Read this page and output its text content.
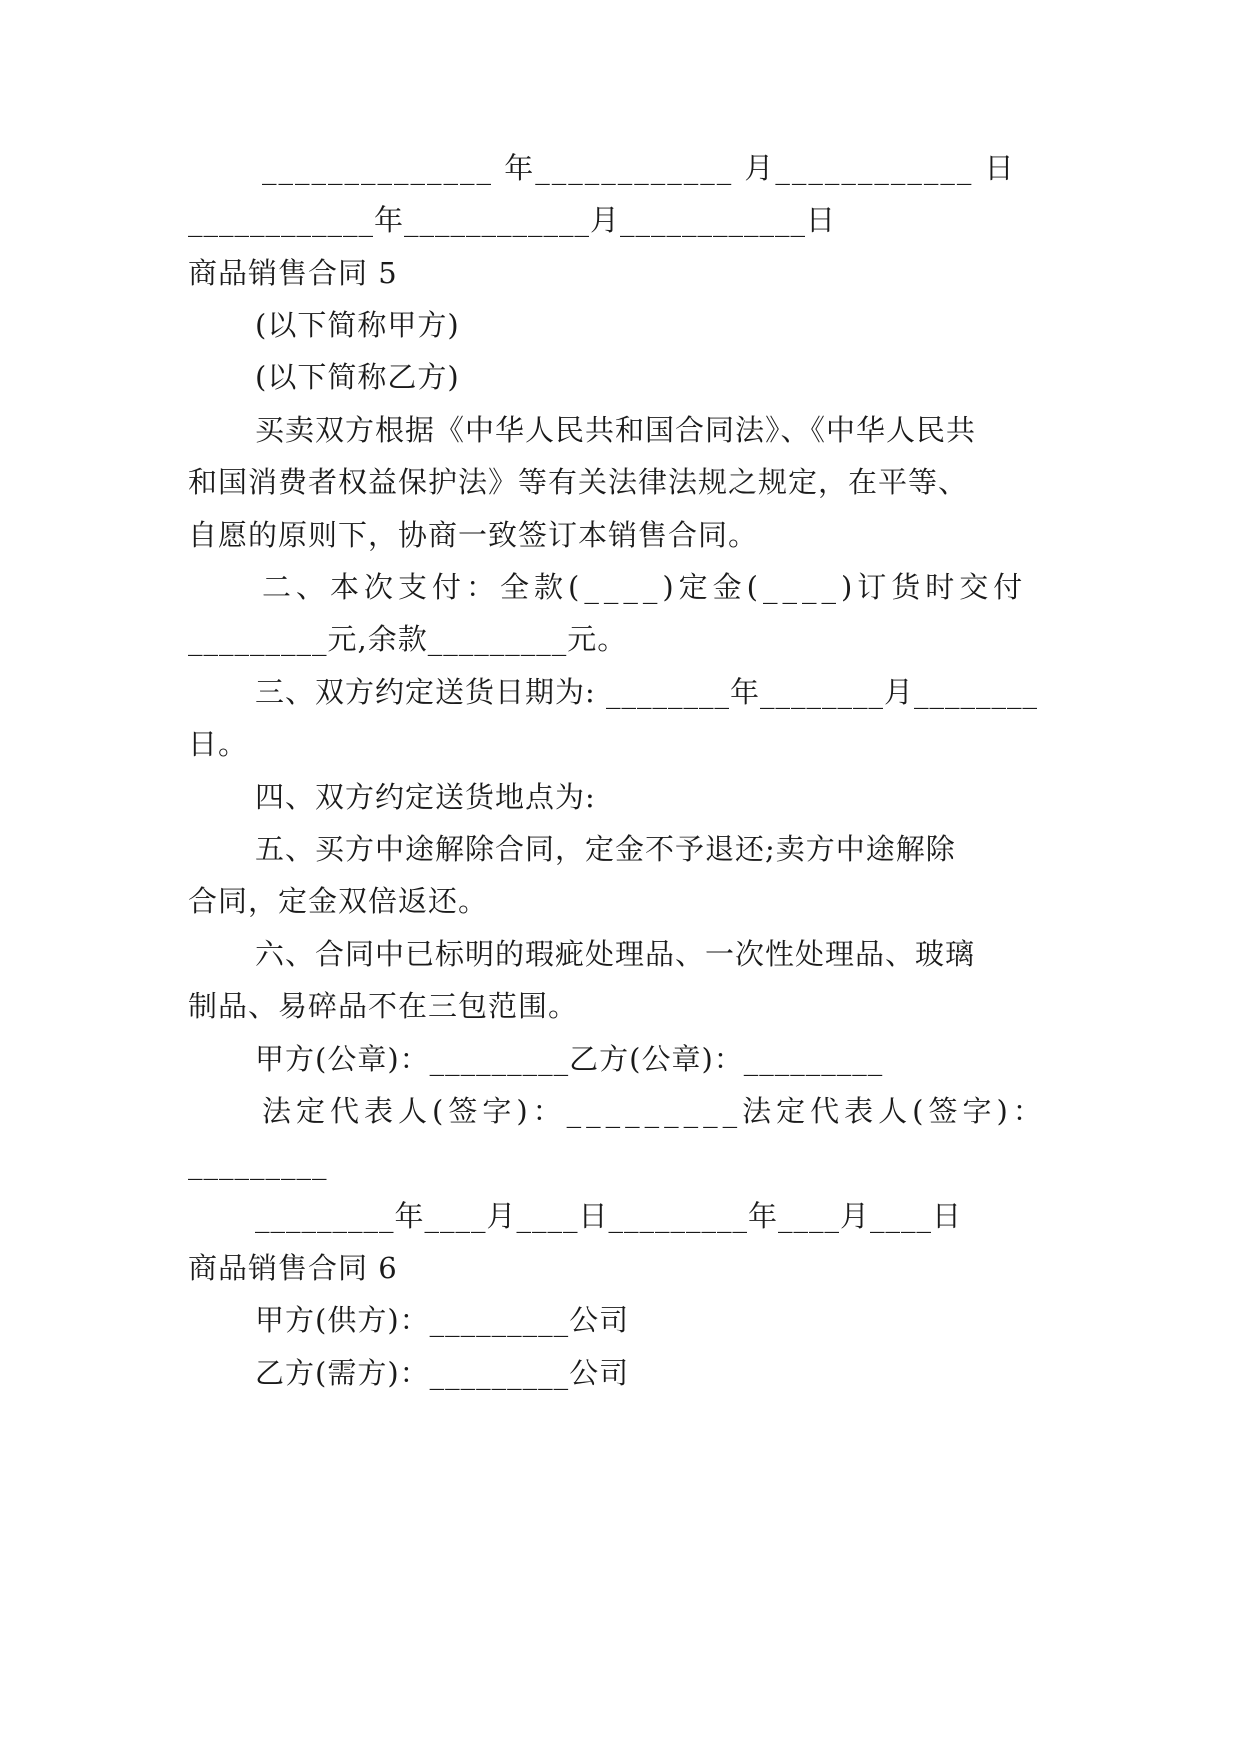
______________ 年____________ 月____________ 日
____________年____________月____________日
商品销售合同 5
(以下简称甲方)
(以下简称乙方)
买卖双方根据《中华人民共和国合同法》、《中华人民共
和国消费者权益保护法》等有关法律法规之规定，在平等、
自愿的原则下，协商一致签订本销售合同。
二、本次支付：全款(____)定金(____)订货时交付
_________元,余款_________元。
三、双方约定送货日期为: ________年________月________
日。
四、双方约定送货地点为:
五、买方中途解除合同，定金不予退还;卖方中途解除
合同，定金双倍返还。
六、合同中已标明的瑕疵处理品、一次性处理品、玻璃
制品、易碎品不在三包范围。
甲方(公章)：_________乙方(公章)：_________
法定代表人(签字)：_________法定代表人(签字)：
_________
_________年____月____日_________年____月____日
商品销售合同 6
甲方(供方)：_________公司
乙方(需方)：_________公司
